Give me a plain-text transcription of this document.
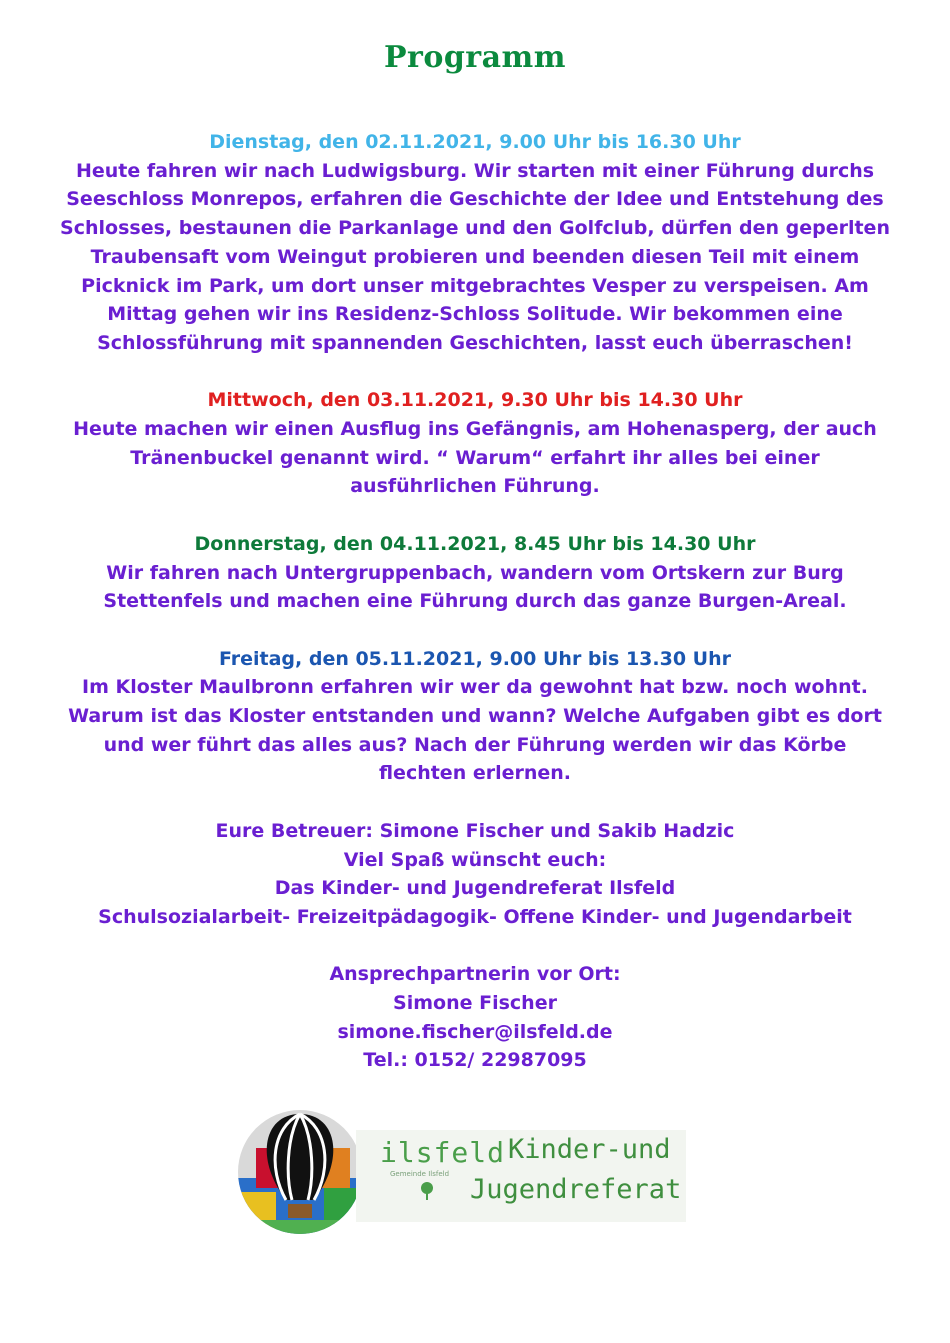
Programm

Dienstag, den 02.11.2021, 9.00 Uhr bis 16.30 Uhr

Heute fahren wir nach Ludwigsburg. Wir starten mit einer Führung durchs

Seeschloss Monrepos, erfahren die Geschichte der Idee und Entstehung des

Schlosses, bestaunen die Parkanlage und den Golfclub, dürfen den geperlten

Traubensaft vom Weingut probieren und beenden diesen Teil mit einem

Picknick im Park, um dort unser mitgebrachtes Vesper zu verspeisen. Am

Mittag gehen wir ins Residenz-Schloss Solitude. Wir bekommen eine

Schlossführung mit spannenden Geschichten, lasst euch überraschen!

Mittwoch, den 03.11.2021, 9.30 Uhr bis 14.30 Uhr

Heute machen wir einen Ausflug ins Gefängnis, am Hohenasperg, der auch

Tränenbuckel genannt wird. “ Warum“ erfahrt ihr alles bei einer

ausführlichen Führung.

Donnerstag, den 04.11.2021, 8.45 Uhr bis 14.30 Uhr

Wir fahren nach Untergruppenbach, wandern vom Ortskern zur Burg

Stettenfels und machen eine Führung durch das ganze Burgen-Areal.

Freitag, den 05.11.2021, 9.00 Uhr bis 13.30 Uhr

Im Kloster Maulbronn erfahren wir wer da gewohnt hat bzw. noch wohnt.

Warum ist das Kloster entstanden und wann? Welche Aufgaben gibt es dort

und wer führt das alles aus? Nach der Führung werden wir das Körbe

flechten erlernen.

Eure Betreuer: Simone Fischer und Sakib Hadzic

Viel Spaß wünscht euch:

Das Kinder- und Jugendreferat Ilsfeld

Schulsozialarbeit- Freizeitpädagogik- Offene Kinder- und Jugendarbeit

Ansprechpartnerin vor Ort:

Simone Fischer

simone.fischer@ilsfeld.de

Tel.: 0152/ 22987095

ilsfeld
Gemeinde Ilsfeld
Kinder-und
Jugendreferat
